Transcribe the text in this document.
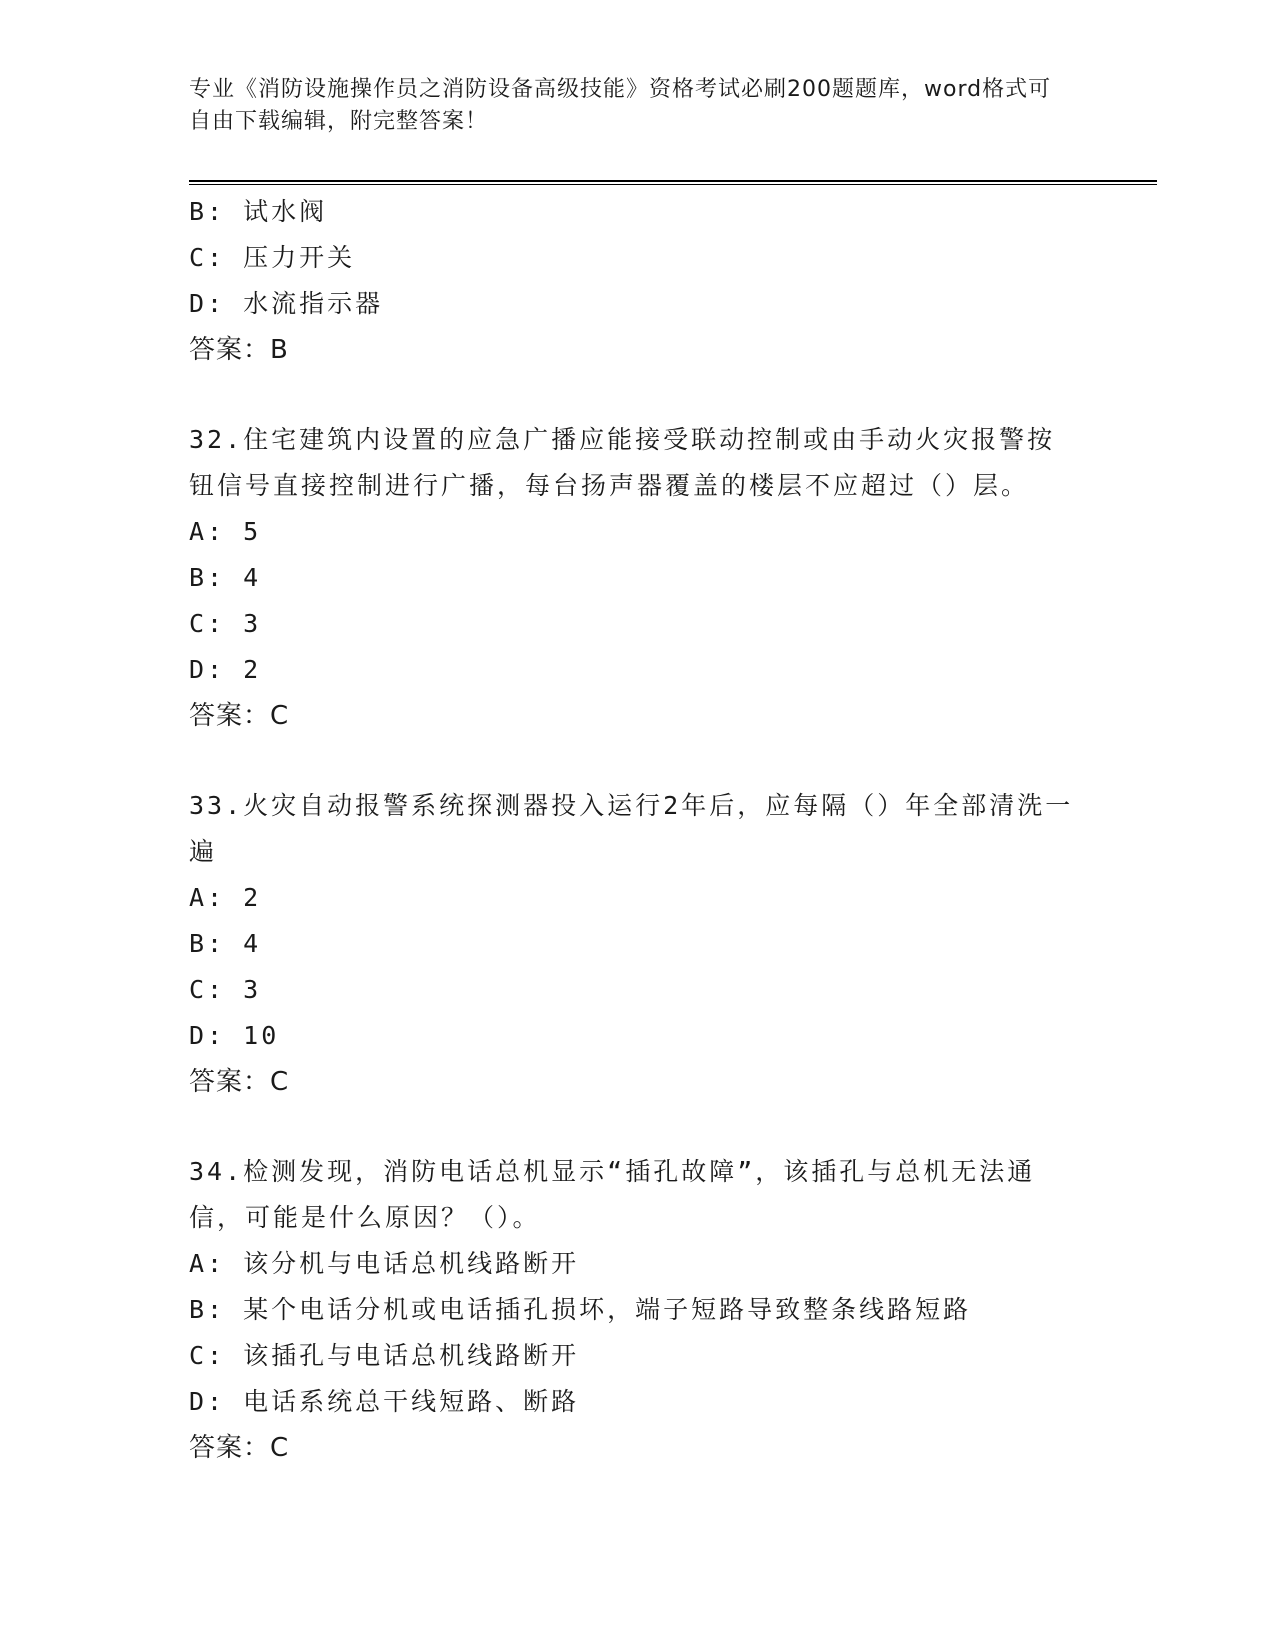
专业《消防设施操作员之消防设备高级技能》资格考试必刷200题题库，word格式可自由下载编辑，附完整答案！

B: 试水阀

C: 压力开关

D: 水流指示器

答案：B

32.住宅建筑内设置的应急广播应能接受联动控制或由手动火灾报警按钮信号直接控制进行广播，每台扬声器覆盖的楼层不应超过（）层。

A: 5

B: 4

C: 3

D: 2

答案：C

33.火灾自动报警系统探测器投入运行2年后，应每隔（）年全部清洗一遍

A: 2

B: 4

C: 3

D: 10

答案：C

34.检测发现，消防电话总机显示“插孔故障”，该插孔与总机无法通信，可能是什么原因？（）。

A: 该分机与电话总机线路断开

B: 某个电话分机或电话插孔损坏，端子短路导致整条线路短路

C: 该插孔与电话总机线路断开

D: 电话系统总干线短路、断路

答案：C
